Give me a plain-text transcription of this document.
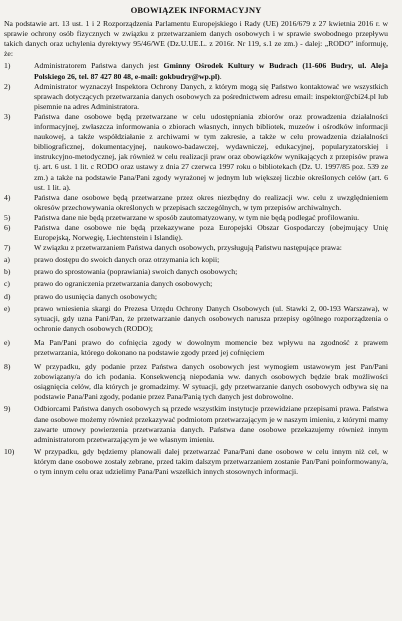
OBOWIĄZEK INFORMACYJNY
Na podstawie art. 13 ust. 1 i 2 Rozporządzenia Parlamentu Europejskiego i Rady (UE) 2016/679 z 27 kwietnia 2016 r. w sprawie ochrony osób fizycznych w związku z przetwarzaniem danych osobowych i w sprawie swobodnego przepływu takich danych oraz uchylenia dyrektywy 95/46/WE (Dz.U.UE.L. z 2016r. Nr 119, s.1 ze zm.) - dalej: „RODO” informuję, że:
1)	Administratorem Państwa danych jest Gminny Ośrodek Kultury w Budrach (11-606 Budry, ul. Aleja Polskiego 26, tel. 87 427 80 48, e-mail: gokbudry@wp.pl).
2)	Administrator wyznaczył Inspektora Ochrony Danych, z którym mogą się Państwo kontaktować we wszystkich sprawach dotyczących przetwarzania danych osobowych za pośrednictwem adresu email: inspektor@cbi24.pl lub pisemnie na adres Administratora.
3)	Państwa dane osobowe będą przetwarzane w celu udostępniania zbiorów oraz prowadzenia działalności informacyjnej, zwłaszcza informowania o zbiorach własnych, innych bibliotek, muzeów i ośrodków informacji naukowej, a także współdziałanie z archiwami w tym zakresie, a także w celu prowadzenia działalności bibliograficznej, dokumentacyjnej, naukowo-badawczej, wydawniczej, edukacyjnej, popularyzatorskiej i instrukcyjno-metodycznej, jak również w celu realizacji praw oraz obowiązków wynikających z przepisów prawa tj. art. 6 ust. 1 lit. c RODO oraz ustawy z dnia 27 czerwca 1997 roku o bibliotekach (Dz. U. 1997/85 poz. 539 ze zm.) a także na podstawie Pana/Pani zgody wyrażonej w jednym lub większej liczbie określonych celów (art. 6 ust. 1 lit. a).
4)	Państwa dane osobowe będą przetwarzane przez okres niezbędny do realizacji ww. celu z uwzględnieniem okresów przechowywania określonych w przepisach szczególnych, w tym przepisów archiwalnych.
5)	Państwa dane nie będą przetwarzane w sposób zautomatyzowany, w tym nie będą podlegać profilowaniu.
6)	Państwa dane osobowe nie będą przekazywane poza Europejski Obszar Gospodarczy (obejmujący Unię Europejską, Norwegię, Liechtenstein i Islandię).
7)	W związku z przetwarzaniem Państwa danych osobowych, przysługują Państwu następujące prawa:
a)	prawo dostępu do swoich danych oraz otrzymania ich kopii;
b)	prawo do sprostowania (poprawiania) swoich danych osobowych;
c)	prawo do ograniczenia przetwarzania danych osobowych;
d)	prawo do usunięcia danych osobowych;
e)	prawo wniesienia skargi do Prezesa Urzędu Ochrony Danych Osobowych (ul. Stawki 2, 00-193 Warszawa), w sytuacji, gdy uzna Pani/Pan, że przetwarzanie danych osobowych narusza przepisy ogólnego rozporządzenia o ochronie danych osobowych (RODO);
e)	Ma Pan/Pani prawo do cofnięcia zgody w dowolnym momencie bez wpływu na zgodność z prawem przetwarzania, którego dokonano na podstawie zgody przed jej cofnięciem
8)	W przypadku, gdy podanie przez Państwa danych osobowych jest wymogiem ustawowym jest Pan/Pani zobowiązany/a do ich podania. Konsekwencją niepodania ww. danych osobowych będzie brak możliwości osiągnięcia celów, dla których je gromadzimy. W sytuacji, gdy przetwarzanie danych osobowych odbywa się na podstawie Pana/Pani zgody, podanie przez Pana/Panią tych danych jest dobrowolne.
9)	Odbiorcami Państwa danych osobowych są przede wszystkim instytucje przewidziane przepisami prawa. Państwa dane osobowe możemy również przekazywać podmiotom przetwarzającym je w naszym imieniu, z którymi mamy zawarte umowy powierzenia przetwarzania danych. Państwa dane osobowe przekazujemy również innym administratorom przetwarzającym je we własnym imieniu.
10)	W przypadku, gdy będziemy planowali dalej przetwarzać Pana/Pani dane osobowe w celu innym niż cel, w którym dane osobowe zostały zebrane, przed takim dalszym przetwarzaniem zostanie Pan/Pani poinformowany/a, o tym innym celu oraz udzielimy Pana/Pani wszelkich innych stosownych informacji.
